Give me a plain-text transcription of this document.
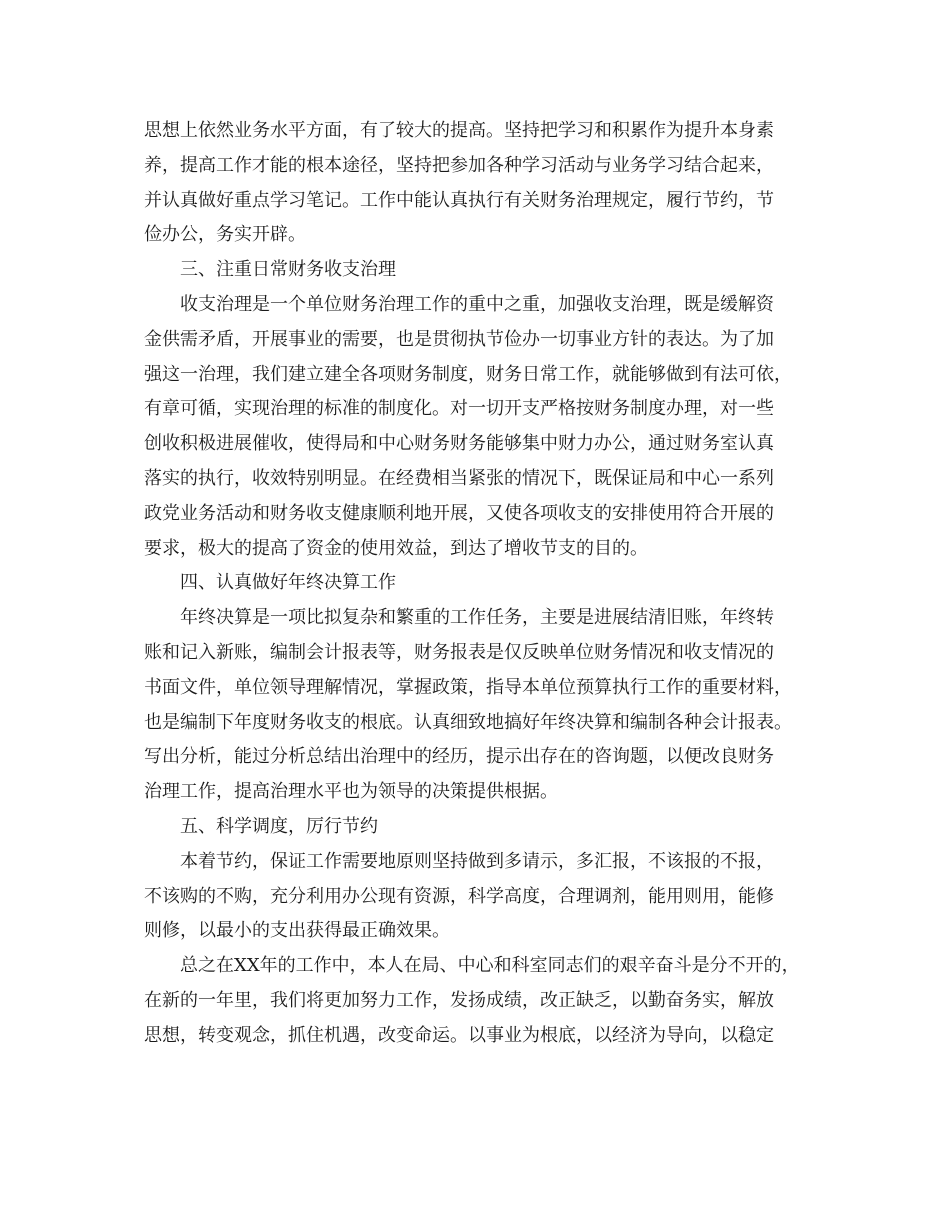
思想上依然业务水平方面，有了较大的提高。坚持把学习和积累作为提升本身素
养，提高工作才能的根本途径，坚持把参加各种学习活动与业务学习结合起来，
并认真做好重点学习笔记。工作中能认真执行有关财务治理规定，履行节约，节
俭办公，务实开辟。
三、注重日常财务收支治理
收支治理是一个单位财务治理工作的重中之重，加强收支治理，既是缓解资
金供需矛盾，开展事业的需要，也是贯彻执节俭办一切事业方针的表达。为了加
强这一治理，我们建立建全各项财务制度，财务日常工作，就能够做到有法可依，
有章可循，实现治理的标准的制度化。对一切开支严格按财务制度办理，对一些
创收积极进展催收，使得局和中心财务财务能够集中财力办公，通过财务室认真
落实的执行，收效特别明显。在经费相当紧张的情况下，既保证局和中心一系列
政党业务活动和财务收支健康顺利地开展，又使各项收支的安排使用符合开展的
要求，极大的提高了资金的使用效益，到达了增收节支的目的。
四、认真做好年终决算工作
年终决算是一项比拟复杂和繁重的工作任务，主要是进展结清旧账，年终转
账和记入新账，编制会计报表等，财务报表是仅反映单位财务情况和收支情况的
书面文件，单位领导理解情况，掌握政策，指导本单位预算执行工作的重要材料，
也是编制下年度财务收支的根底。认真细致地搞好年终决算和编制各种会计报表。
写出分析，能过分析总结出治理中的经历，提示出存在的咨询题，以便改良财务
治理工作，提高治理水平也为领导的决策提供根据。
五、科学调度，厉行节约
本着节约，保证工作需要地原则坚持做到多请示，多汇报，不该报的不报，
不该购的不购，充分利用办公现有资源，科学高度，合理调剂，能用则用，能修
则修，以最小的支出获得最正确效果。
总之在XX年的工作中，本人在局、中心和科室同志们的艰辛奋斗是分不开的，
在新的一年里，我们将更加努力工作，发扬成绩，改正缺乏，以勤奋务实，解放
思想，转变观念，抓住机遇，改变命运。以事业为根底，以经济为导向，以稳定
